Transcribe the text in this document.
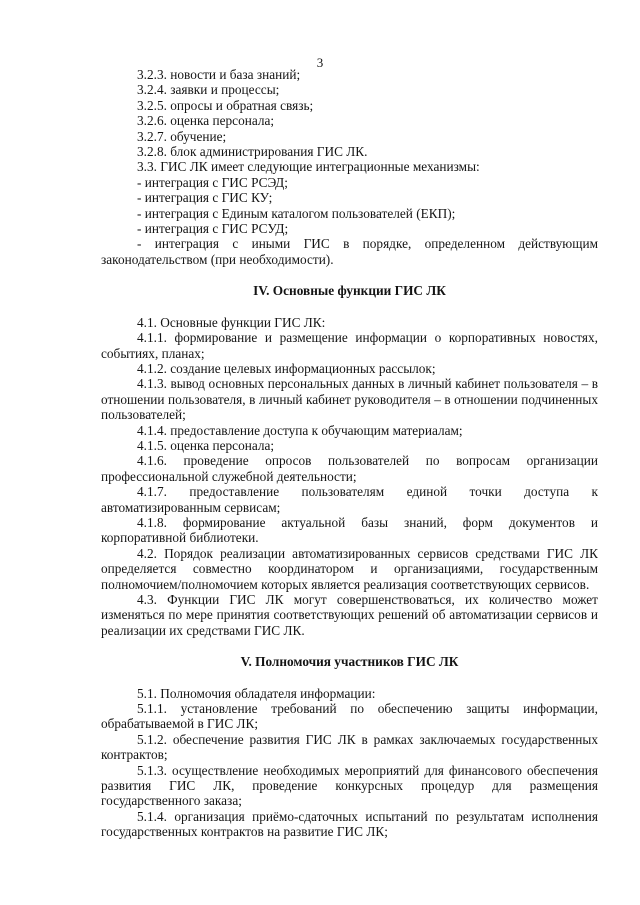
3

3.2.3. новости и база знаний;

3.2.4. заявки и процессы;

3.2.5. опросы и обратная связь;

3.2.6. оценка персонала;

3.2.7. обучение;

3.2.8. блок администрирования ГИС ЛК.

3.3. ГИС ЛК имеет следующие интеграционные механизмы:

- интеграция с ГИС РСЭД;

- интеграция с ГИС КУ;

- интеграция с Единым каталогом пользователей (ЕКП);

- интеграция с ГИС РСУД;

- интеграция с иными ГИС в порядке, определенном действующим законодательством (при необходимости).

IV. Основные функции ГИС ЛК

4.1. Основные функции ГИС ЛК:

4.1.1. формирование и размещение информации о корпоративных новостях, событиях, планах;

4.1.2. создание целевых информационных рассылок;

4.1.3. вывод основных персональных данных в личный кабинет пользователя – в отношении пользователя, в личный кабинет руководителя – в отношении подчиненных пользователей;

4.1.4. предоставление доступа к обучающим материалам;

4.1.5. оценка персонала;

4.1.6. проведение опросов пользователей по вопросам организации профессиональной служебной деятельности;

4.1.7. предоставление пользователям единой точки доступа к автоматизированным сервисам;

4.1.8. формирование актуальной базы знаний, форм документов и корпоративной библиотеки.

4.2. Порядок реализации автоматизированных сервисов средствами ГИС ЛК определяется совместно координатором и организациями, государственным полномочием/полномочием которых является реализация соответствующих сервисов.

4.3. Функции ГИС ЛК могут совершенствоваться, их количество может изменяться по мере принятия соответствующих решений об автоматизации сервисов и реализации их средствами ГИС ЛК.

V. Полномочия участников ГИС ЛК

5.1. Полномочия обладателя информации:

5.1.1. установление требований по обеспечению защиты информации, обрабатываемой в ГИС ЛК;

5.1.2. обеспечение развития ГИС ЛК в рамках заключаемых государственных контрактов;

5.1.3. осуществление необходимых мероприятий для финансового обеспечения развития ГИС ЛК, проведение конкурсных процедур для размещения государственного заказа;

5.1.4. организация приёмо-сдаточных испытаний по результатам исполнения государственных контрактов на развитие ГИС ЛК;
